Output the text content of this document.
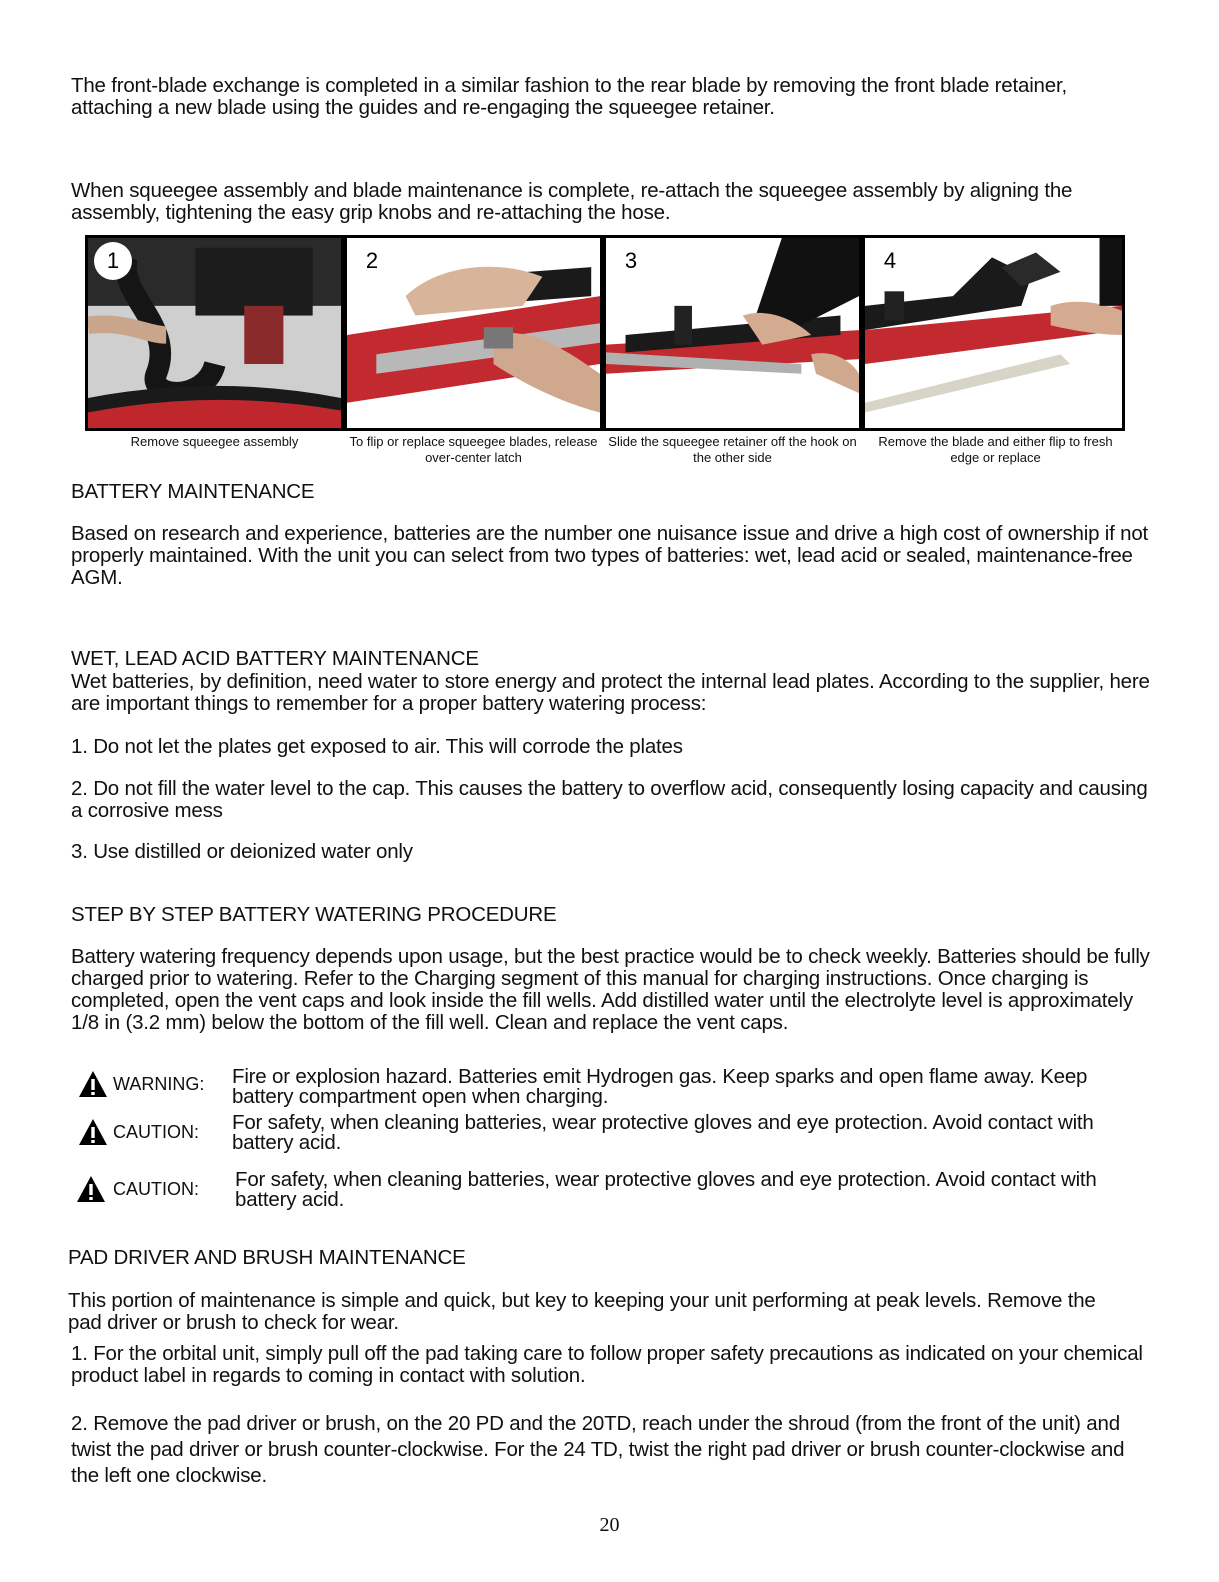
The front-blade exchange is completed in a similar fashion to the rear blade by removing the front blade retainer, attaching a new blade using the guides and re-engaging the squeegee retainer.
When squeegee assembly and blade maintenance is complete, re-attach the squeegee assembly by aligning the assembly, tightening the easy grip knobs and re-attaching the hose.
1	2	3	4
Remove squeegee assembly	To flip or replace squeegee blades, release over-center latch
Slide the squeegee retainer off the hook on the other side
Remove the blade and either flip to fresh edge or replace
BATTERY MAINTENANCE
Based on research and experience, batteries are the number one nuisance issue and drive a high cost of ownership if not properly maintained. With the unit you can select from two types of batteries: wet, lead acid or sealed, maintenance-free AGM.
WET, LEAD ACID BATTERY MAINTENANCE
Wet batteries, by definition, need water to store energy and protect the internal lead plates. According to the supplier, here are important things to remember for a proper battery watering process:
1. Do not let the plates get exposed to air. This will corrode the plates
2. Do not fill the water level to the cap. This causes the battery to overflow acid, consequently losing capacity and causing a corrosive mess
3. Use distilled or deionized water only
STEP BY STEP BATTERY WATERING PROCEDURE
Battery watering frequency depends upon usage, but the best practice would be to check weekly. Batteries should be fully charged prior to watering. Refer to the Charging segment of this manual for charging instructions. Once charging is completed, open the vent caps and look inside the fill wells. Add distilled water until the electrolyte level is approximately 1/8 in (3.2 mm) below the bottom of the fill well. Clean and replace the vent caps.
WARNING: Fire or explosion hazard. Batteries emit Hydrogen gas. Keep sparks and open flame away. Keep battery compartment open when charging.
CAUTION: For safety, when cleaning batteries, wear protective gloves and eye protection. Avoid contact with battery acid.
CAUTION: For safety, when cleaning batteries, wear protective gloves and eye protection. Avoid contact with battery acid.
PAD DRIVER AND BRUSH MAINTENANCE
This portion of maintenance is simple and quick, but key to keeping your unit performing at peak levels. Remove the pad driver or brush to check for wear.
1. For the orbital unit, simply pull off the pad taking care to follow proper safety precautions as indicated on your chemical product label in regards to coming in contact with solution.
2. Remove the pad driver or brush, on the 20 PD and the 20TD, reach under the shroud (from the front of the unit) and twist the pad driver or brush counter-clockwise. For the 24 TD, twist the right pad driver or brush counter-clockwise and the left one clockwise.
20
